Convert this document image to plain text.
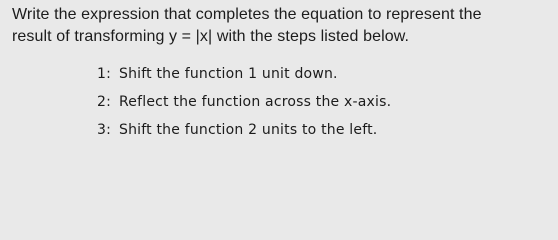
Write the expression that completes the equation to represent the
result of transforming y = |x| with the steps listed below.

1: Shift the function 1 unit down.
2: Reflect the function across the x-axis.
3: Shift the function 2 units to the left.
